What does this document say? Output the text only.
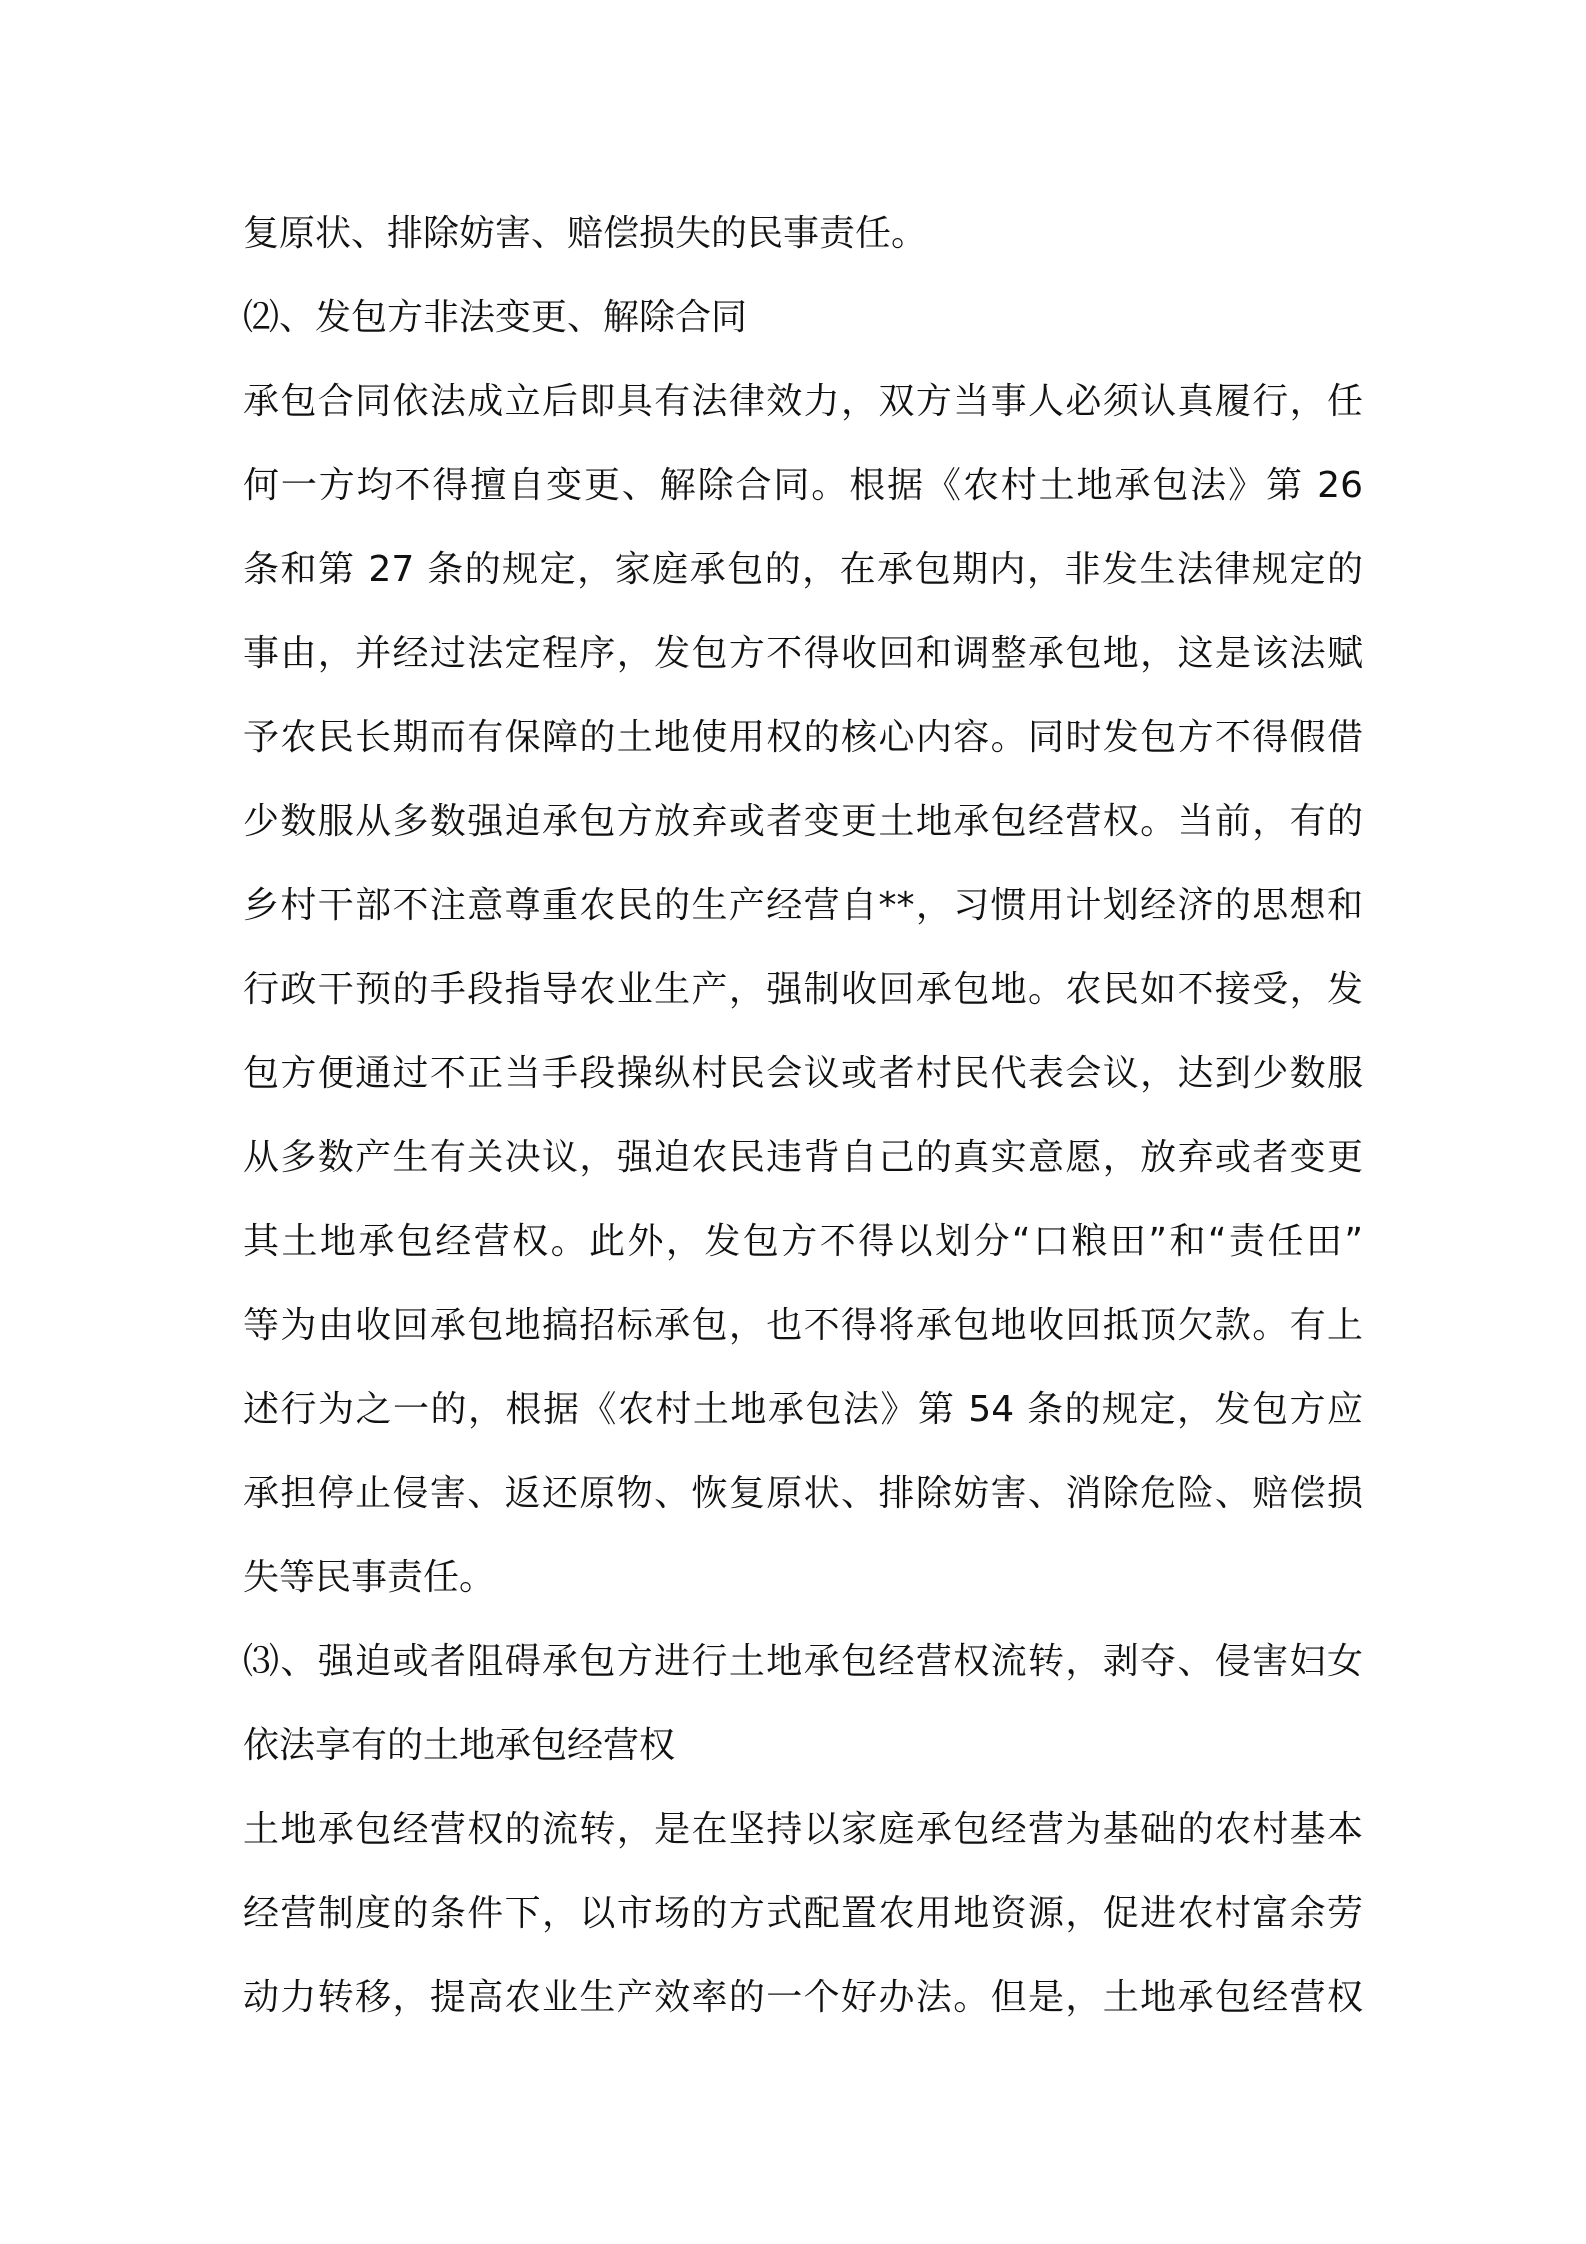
复原状、排除妨害、赔偿损失的民事责任。
⑵、发包方非法变更、解除合同
承包合同依法成立后即具有法律效力，双方当事人必须认真履行，任
何一方均不得擅自变更、解除合同。根据《农村土地承包法》第 26
条和第 27 条的规定，家庭承包的，在承包期内，非发生法律规定的
事由，并经过法定程序，发包方不得收回和调整承包地，这是该法赋
予农民长期而有保障的土地使用权的核心内容。同时发包方不得假借
少数服从多数强迫承包方放弃或者变更土地承包经营权。当前，有的
乡村干部不注意尊重农民的生产经营自**，习惯用计划经济的思想和
行政干预的手段指导农业生产，强制收回承包地。农民如不接受，发
包方便通过不正当手段操纵村民会议或者村民代表会议，达到少数服
从多数产生有关决议，强迫农民违背自己的真实意愿，放弃或者变更
其土地承包经营权。此外，发包方不得以划分“口粮田”和“责任田”
等为由收回承包地搞招标承包，也不得将承包地收回抵顶欠款。有上
述行为之一的，根据《农村土地承包法》第 54 条的规定，发包方应
承担停止侵害、返还原物、恢复原状、排除妨害、消除危险、赔偿损
失等民事责任。
⑶、强迫或者阻碍承包方进行土地承包经营权流转，剥夺、侵害妇女
依法享有的土地承包经营权
土地承包经营权的流转，是在坚持以家庭承包经营为基础的农村基本
经营制度的条件下，以市场的方式配置农用地资源，促进农村富余劳
动力转移，提高农业生产效率的一个好办法。但是，土地承包经营权
